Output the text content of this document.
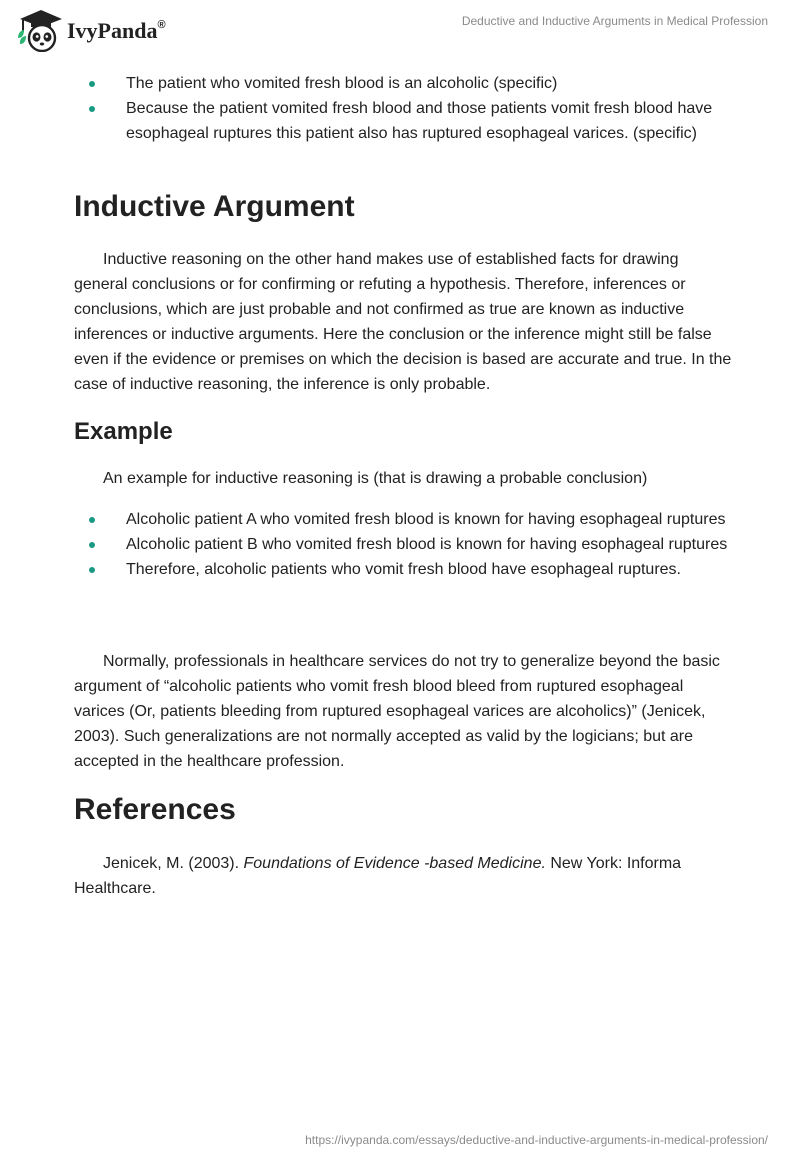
IvyPanda®	Deductive and Inductive Arguments in Medical Profession
The patient who vomited fresh blood is an alcoholic (specific)
Because the patient vomited fresh blood and those patients vomit fresh blood have esophageal ruptures this patient also has ruptured esophageal varices. (specific)
Inductive Argument

Inductive reasoning on the other hand makes use of established facts for drawing general conclusions or for confirming or refuting a hypothesis. Therefore, inferences or conclusions, which are just probable and not confirmed as true are known as inductive inferences or inductive arguments. Here the conclusion or the inference might still be false even if the evidence or premises on which the decision is based are accurate and true. In the case of inductive reasoning, the inference is only probable.

Example

An example for inductive reasoning is (that is drawing a probable conclusion)

Alcoholic patient A who vomited fresh blood is known for having esophageal ruptures
Alcoholic patient B who vomited fresh blood is known for having esophageal ruptures
Therefore, alcoholic patients who vomit fresh blood have esophageal ruptures.

Normally, professionals in healthcare services do not try to generalize beyond the basic argument of “alcoholic patients who vomit fresh blood bleed from ruptured esophageal varices (Or, patients bleeding from ruptured esophageal varices are alcoholics)” (Jenicek, 2003). Such generalizations are not normally accepted as valid by the logicians; but are accepted in the healthcare profession.

References

Jenicek, M. (2003). Foundations of Evidence -based Medicine. New York: Informa Healthcare.

https://ivypanda.com/essays/deductive-and-inductive-arguments-in-medical-profession/
